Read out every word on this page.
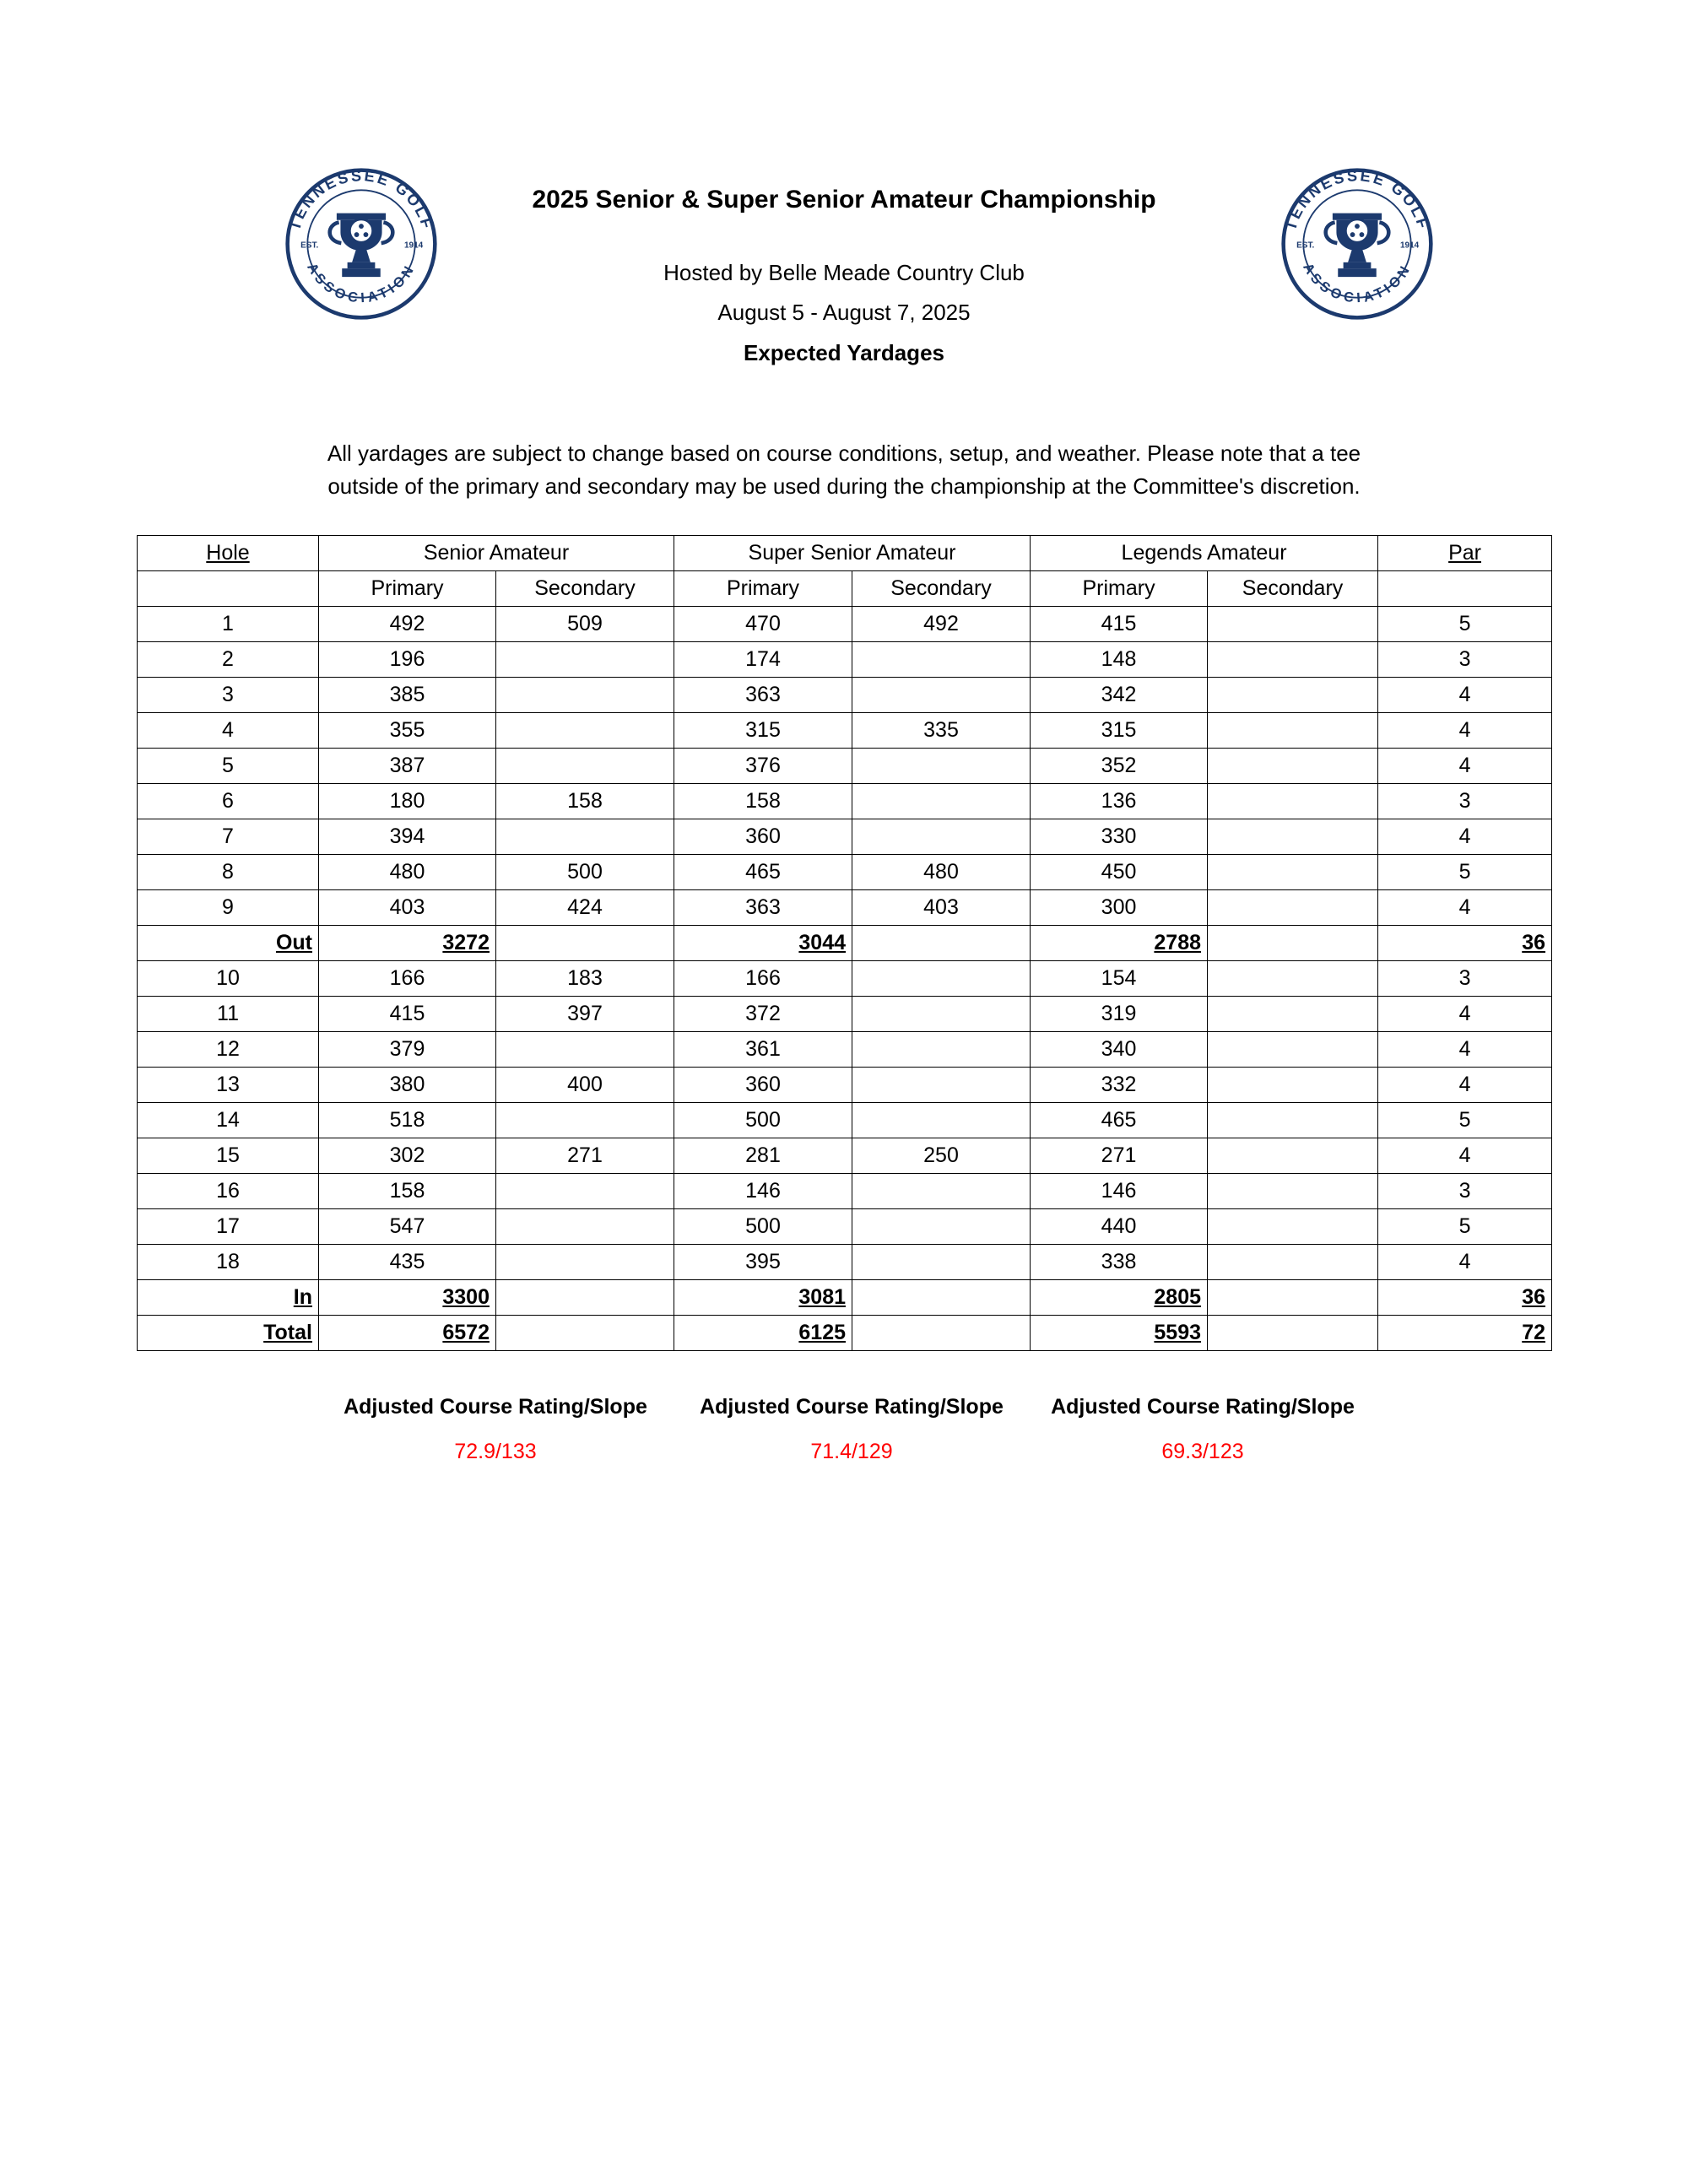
TENNESSEE GOLF
ASSOCIATION
EST.	1914
TENNESSEE GOLF
ASSOCIATION
EST.	1914
2025 Senior & Super Senior Amateur Championship
Hosted by Belle Meade Country Club
August 5 - August 7, 2025
Expected Yardages

All yardages are subject to change based on course conditions, setup, and weather. Please note that a tee outside of the primary and secondary may be used during the championship at the Committee's discretion.

Hole	Senior Amateur		Super Senior Amateur		Legends Amateur		Par
	Primary	Secondary	Primary	Secondary	Primary	Secondary	
1	492	509	470	492	415		5
2	196		174		148		3
3	385		363		342		4
4	355		315	335	315		4
5	387		376		352		4
6	180	158	158		136		3
7	394		360		330		4
8	480	500	465	480	450		5
9	403	424	363	403	300		4
Out	3272		3044		2788		36
10	166	183	166		154		3
11	415	397	372		319		4
12	379		361		340		4
13	380	400	360		332		4
14	518		500		465		5
15	302	271	281	250	271		4
16	158		146		146		3
17	547		500		440		5
18	435		395		338		4
In	3300		3081		2805		36
Total	6572		6125		5593		72
Adjusted Course Rating/Slope
72.9/133
Adjusted Course Rating/Slope
71.4/129
Adjusted Course Rating/Slope
69.3/123
